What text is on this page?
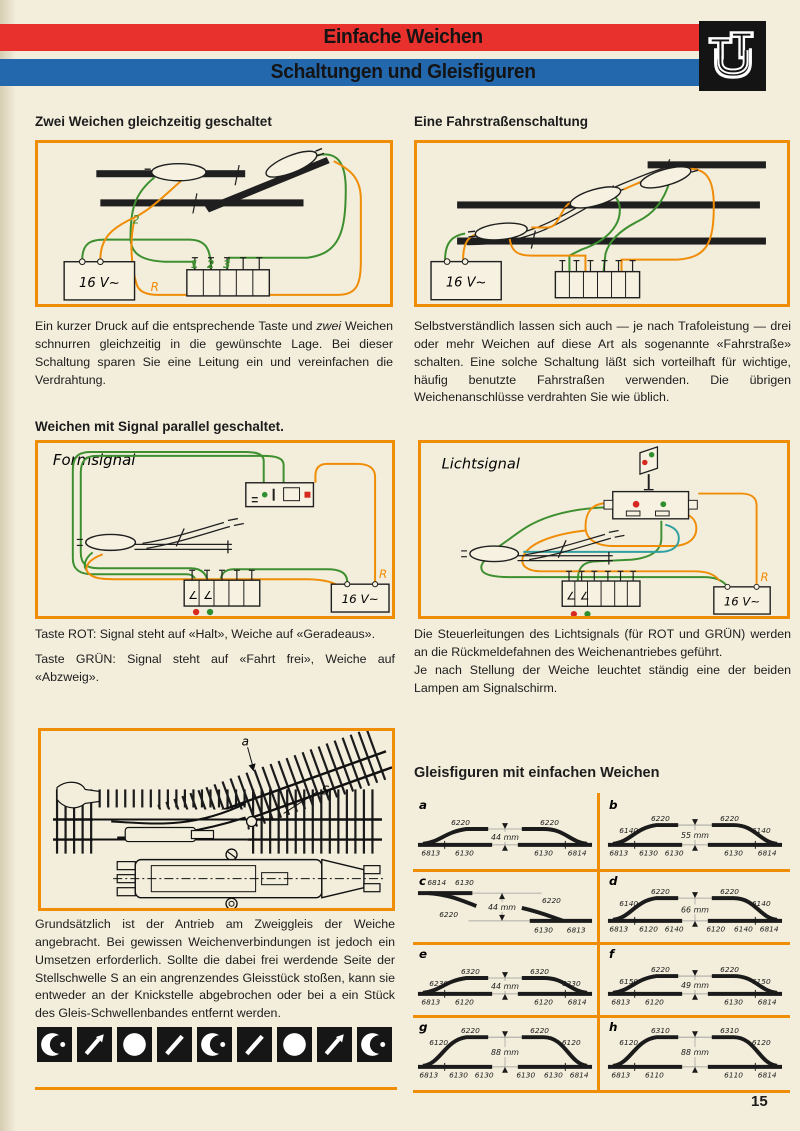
Einfache Weichen
Schaltungen und Gleisfiguren
Zwei Weichen gleichzeitig geschaltet
16 V~
1 2 3
R
2

Ein kurzer Druck auf die entsprechende Taste und zwei Weichen schnurren gleichzeitig in die gewünschte Lage. Bei dieser Schaltung sparen Sie eine Leitung ein und vereinfachen die Verdrahtung.

Eine Fahrstraßenschaltung
16 V~

Selbstverständlich lassen sich auch — je nach Trafoleistung — drei oder mehr Weichen auf diese Art als sogenannte «Fahrstraße» schalten. Eine solche Schaltung läßt sich vorteilhaft für wichtige, häufig benutzte Fahrstraßen verwenden. Die übrigen Weichenanschlüsse verdrahten Sie wie üblich.

Weichen mit Signal parallel geschaltet.
Formsignal
∠ ∠	16 V~
R
Lichtsignal
∠ ∠	16 V~
R

Taste ROT: Signal steht auf «Halt», Weiche auf «Geradeaus».

Taste GRÜN: Signal steht auf «Fahrt frei», Weiche auf «Abzweig».

Die Steuerleitungen des Lichtsignals (für ROT und GRÜN) werden an die Rückmeldefahnen des Weichenantriebes geführt.

Je nach Stellung der Weiche leuchtet ständig eine der beiden Lampen am Signalschirm.

S
a

Grundsätzlich ist der Antrieb am Zweiggleis der Weiche angebracht. Bei gewissen Weichenverbindungen ist jedoch ein Umsetzen erforderlich. Sollte die dabei frei werdende Seite der Stellschwelle S an ein angrenzendes Gleisstück stoßen, kann sie entweder an der Knickstelle abgebrochen oder bei a ein Stück des Gleis-Schwellenbandes entfernt werden.

Gleisfiguren mit einfachen Weichen
44 mm
6220	6220
6813 6130	6130 6814
a
55 mm
6140
6220	6220
6140
6813 6130 6130	6130 6814
b
44 mm
6814 6130
6220
6220
6130 6813
c
66 mm
6140
6220	6220
6140
6813 6120 6140	6120 6140 6814
d
44 mm
6230
6320	6320
6230
6813 6120	6120 6814
e
49 mm
6150
6220	6220
6150
6813 6120	6130 6814
f
88 mm
6120
6220	6220
6120
6813 6130 6130	6130 6130 6814
g
88 mm
6120
6310	6310
6120
6813 6110	6110 6814
h
15
